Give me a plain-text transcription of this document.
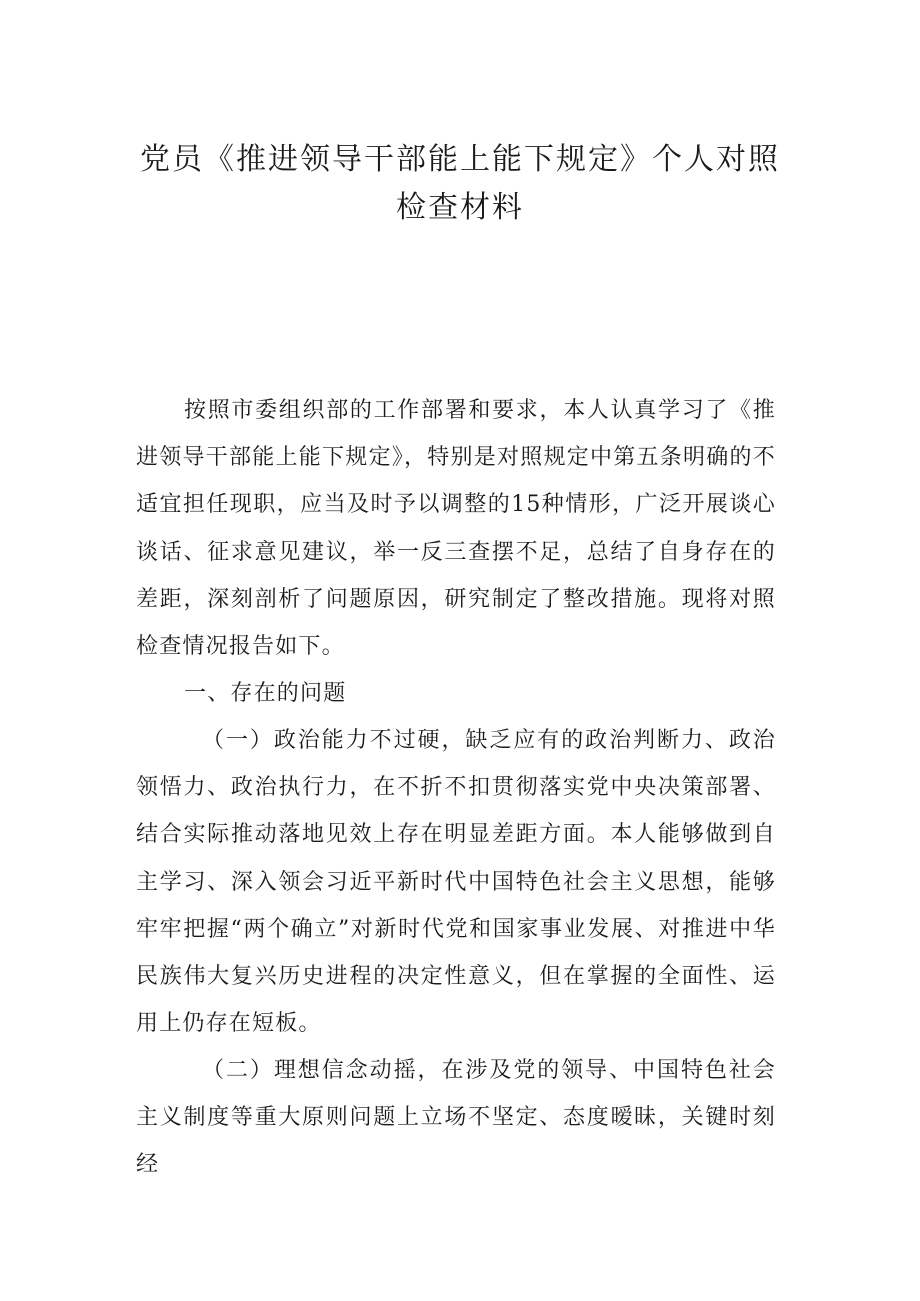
党员《推进领导干部能上能下规定》个人对照
检查材料

按照市委组织部的工作部署和要求，本人认真学习了《推进领导干部能上能下规定》，特别是对照规定中第五条明确的不适宜担任现职，应当及时予以调整的15种情形，广泛开展谈心谈话、征求意见建议，举一反三查摆不足，总结了自身存在的差距，深刻剖析了问题原因，研究制定了整改措施。现将对照检查情况报告如下。

一、存在的问题

（一）政治能力不过硬，缺乏应有的政治判断力、政治领悟力、政治执行力，在不折不扣贯彻落实党中央决策部署、结合实际推动落地见效上存在明显差距方面。本人能够做到自主学习、深入领会习近平新时代中国特色社会主义思想，能够牢牢把握“两个确立”对新时代党和国家事业发展、对推进中华民族伟大复兴历史进程的决定性意义，但在掌握的全面性、运用上仍存在短板。

（二）理想信念动摇，在涉及党的领导、中国特色社会主义制度等重大原则问题上立场不坚定、态度暧昧，关键时刻经
